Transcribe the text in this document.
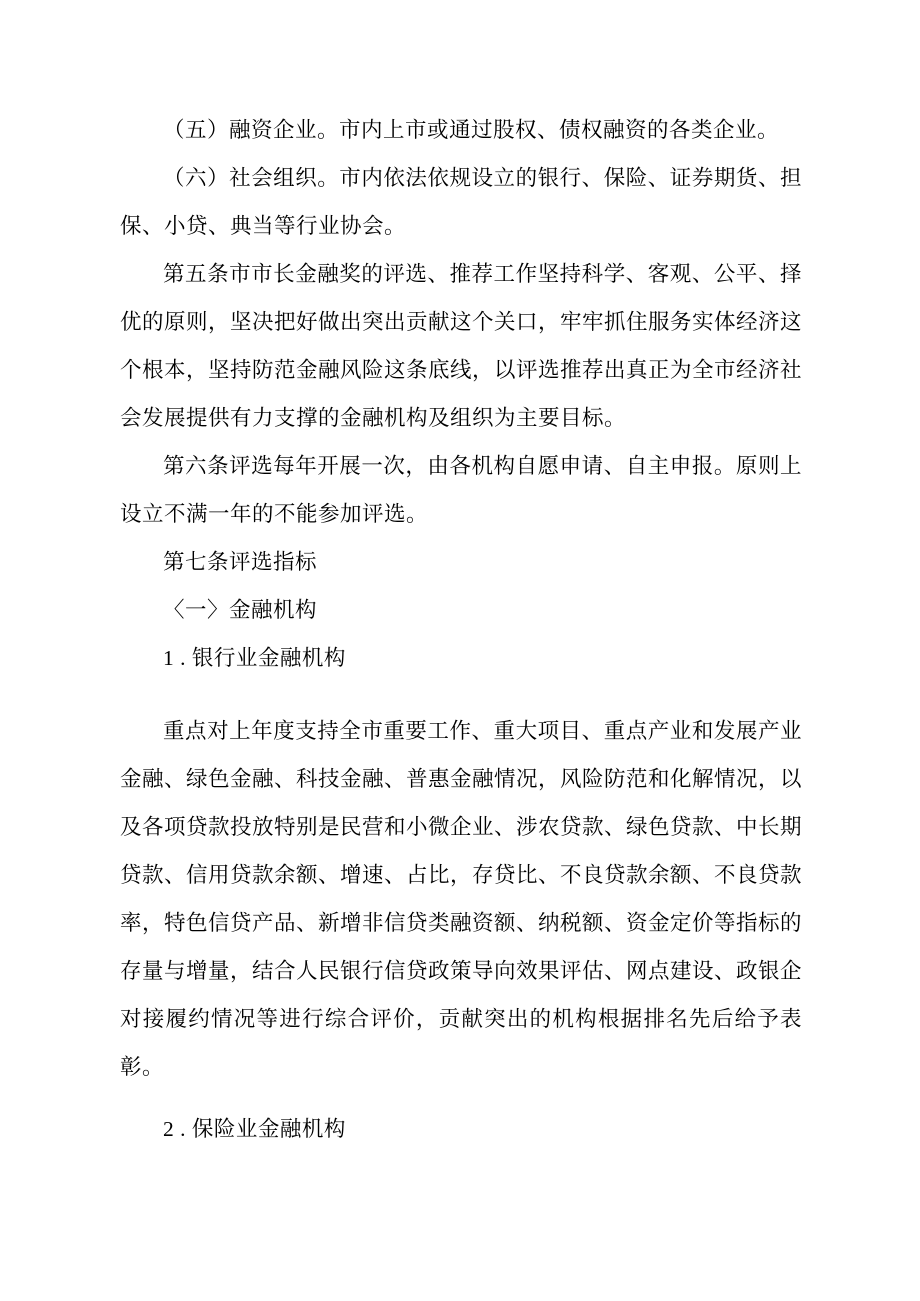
（五）融资企业。市内上市或通过股权、债权融资的各类企业。

（六）社会组织。市内依法依规设立的银行、保险、证券期货、担保、小贷、典当等行业协会。

第五条市市长金融奖的评选、推荐工作坚持科学、客观、公平、择优的原则，坚决把好做出突出贡献这个关口，牢牢抓住服务实体经济这个根本，坚持防范金融风险这条底线，以评选推荐出真正为全市经济社会发展提供有力支撑的金融机构及组织为主要目标。

第六条评选每年开展一次，由各机构自愿申请、自主申报。原则上设立不满一年的不能参加评选。

第七条评选指标

〈一〉金融机构

1 . 银行业金融机构

重点对上年度支持全市重要工作、重大项目、重点产业和发展产业金融、绿色金融、科技金融、普惠金融情况，风险防范和化解情况，以及各项贷款投放特别是民营和小微企业、涉农贷款、绿色贷款、中长期贷款、信用贷款余额、增速、占比，存贷比、不良贷款余额、不良贷款率，特色信贷产品、新增非信贷类融资额、纳税额、资金定价等指标的存量与增量，结合人民银行信贷政策导向效果评估、网点建设、政银企对接履约情况等进行综合评价，贡献突出的机构根据排名先后给予表彰。

2 . 保险业金融机构
